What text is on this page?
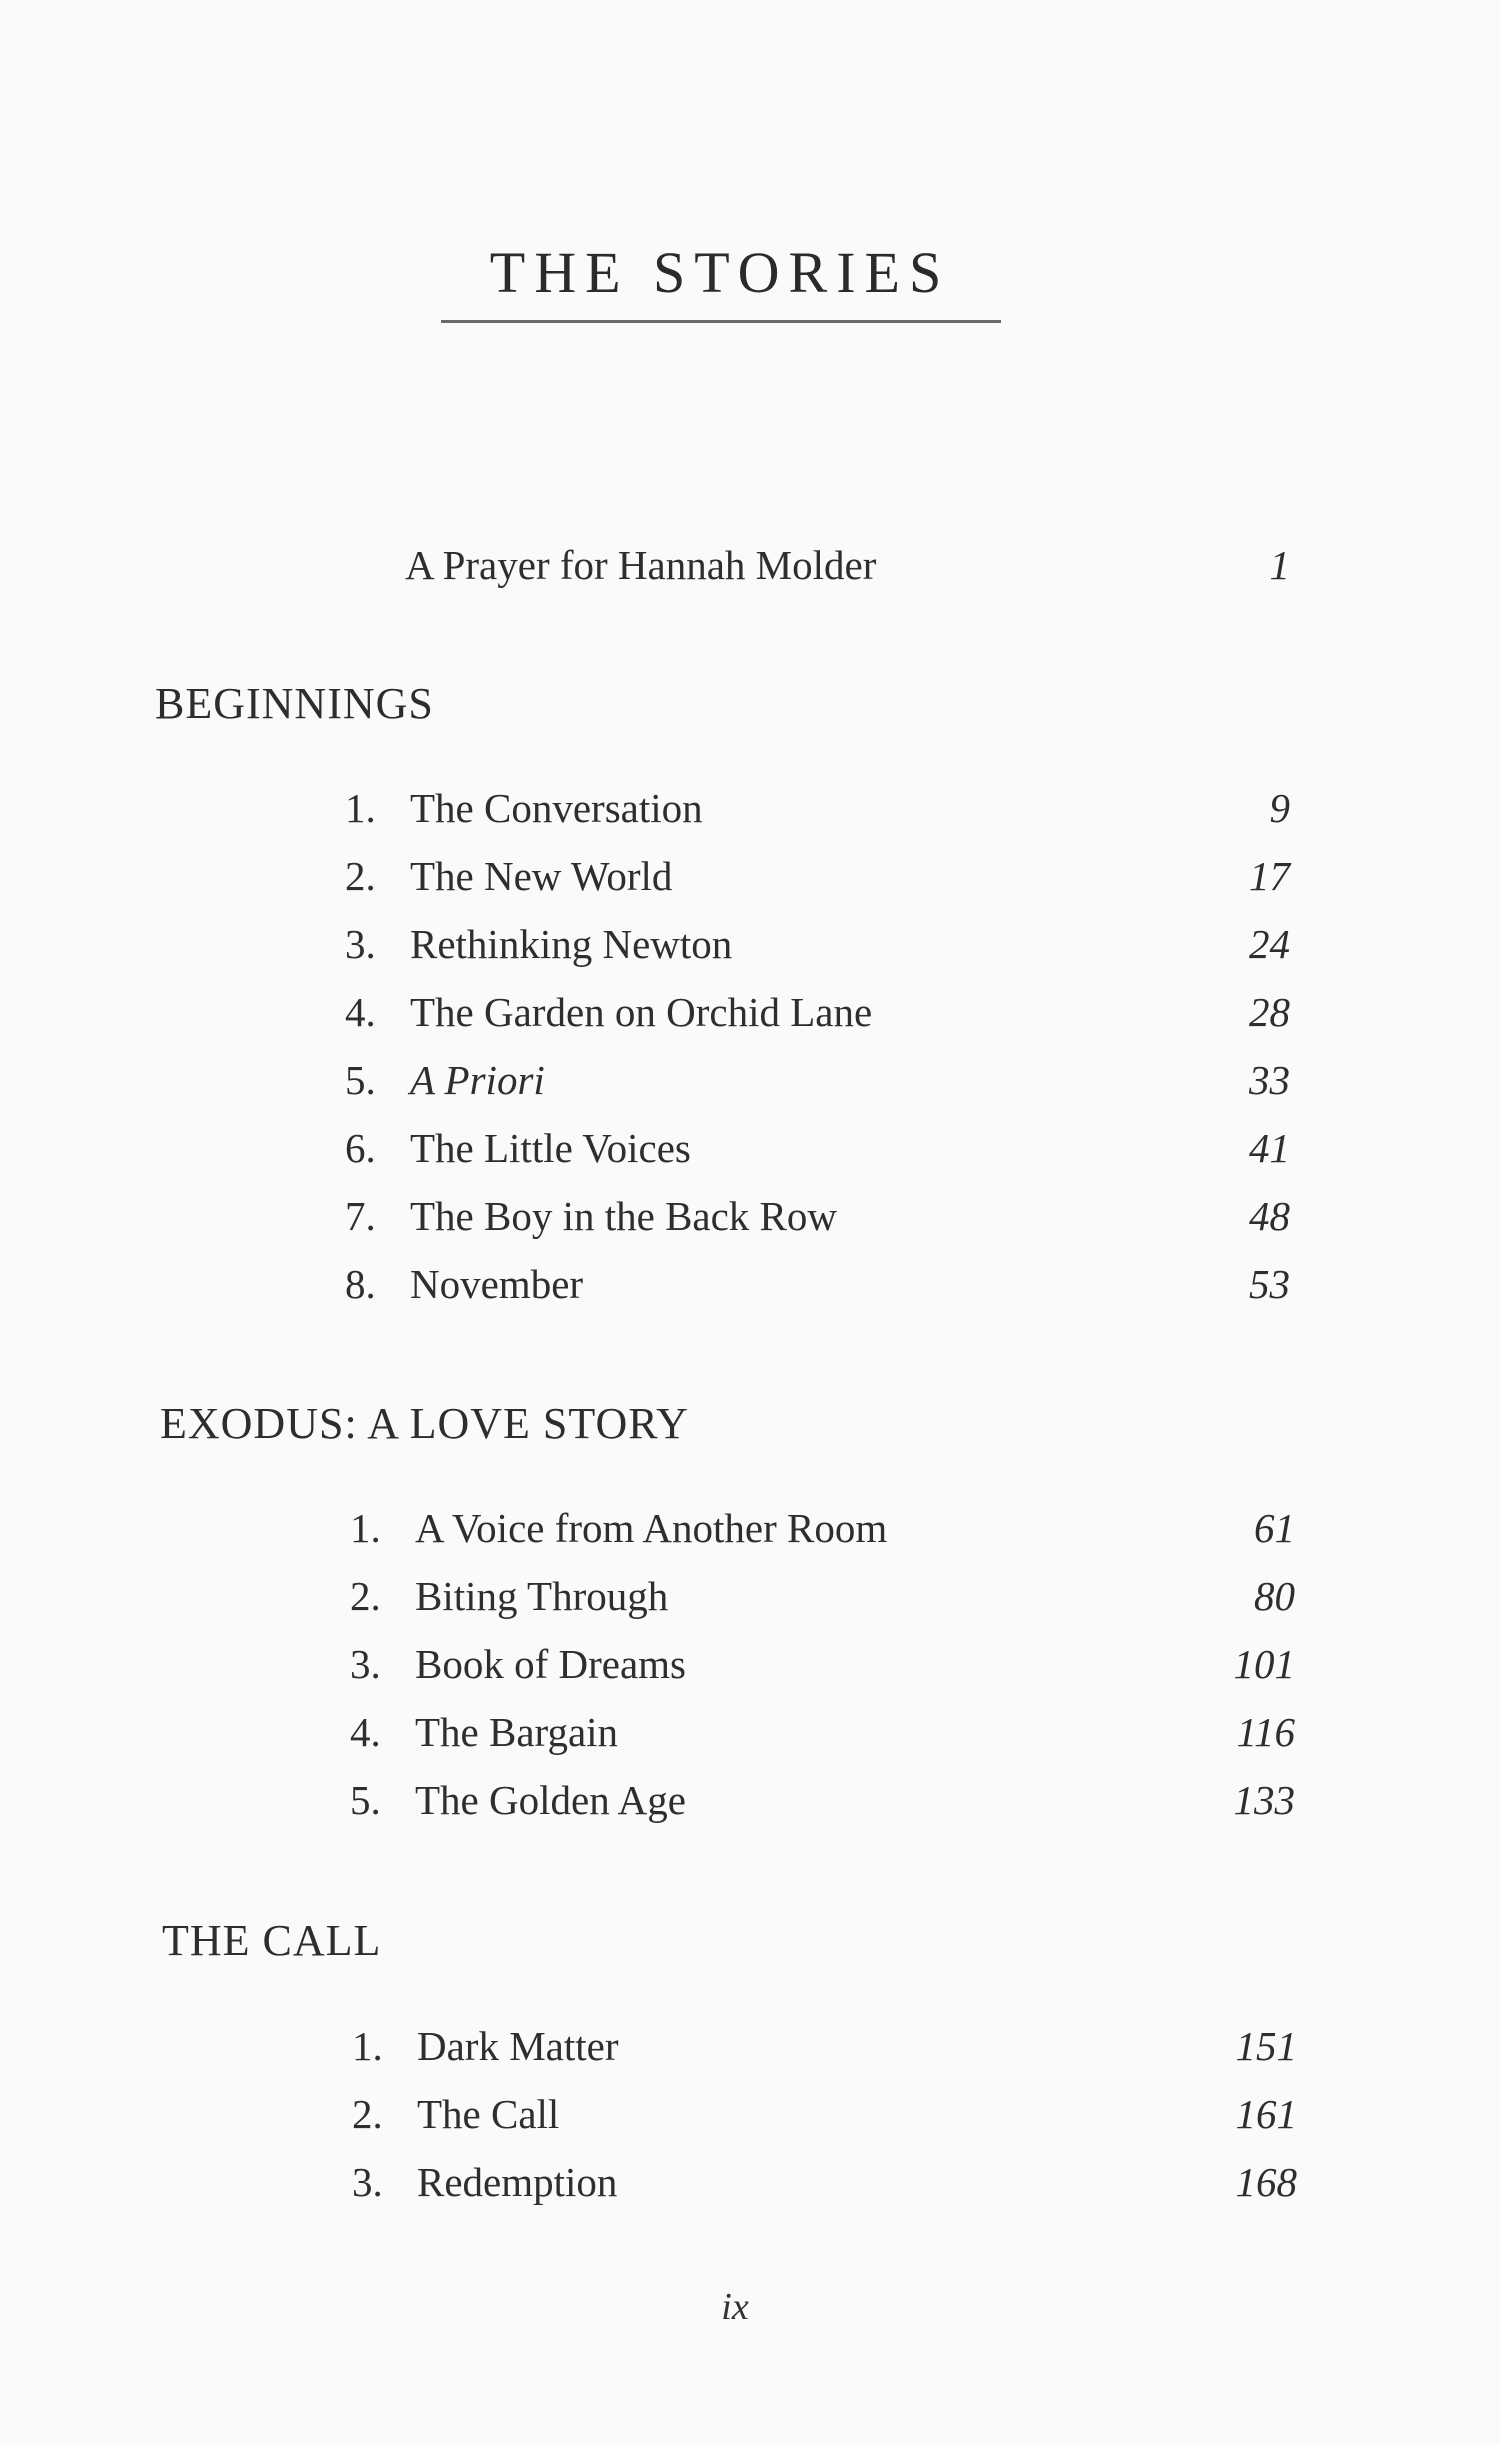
THE STORIES
A Prayer for Hannah Molder	1
BEGINNINGS
1. The Conversation	9
2. The New World	17
3. Rethinking Newton	24
4. The Garden on Orchid Lane	28
5. A Priori	33
6. The Little Voices	41
7. The Boy in the Back Row	48
8. November	53
EXODUS: A LOVE STORY
1. A Voice from Another Room	61
2. Biting Through	80
3. Book of Dreams	101
4. The Bargain	116
5. The Golden Age	133
THE CALL
1. Dark Matter	151
2. The Call	161
3. Redemption	168
ix
